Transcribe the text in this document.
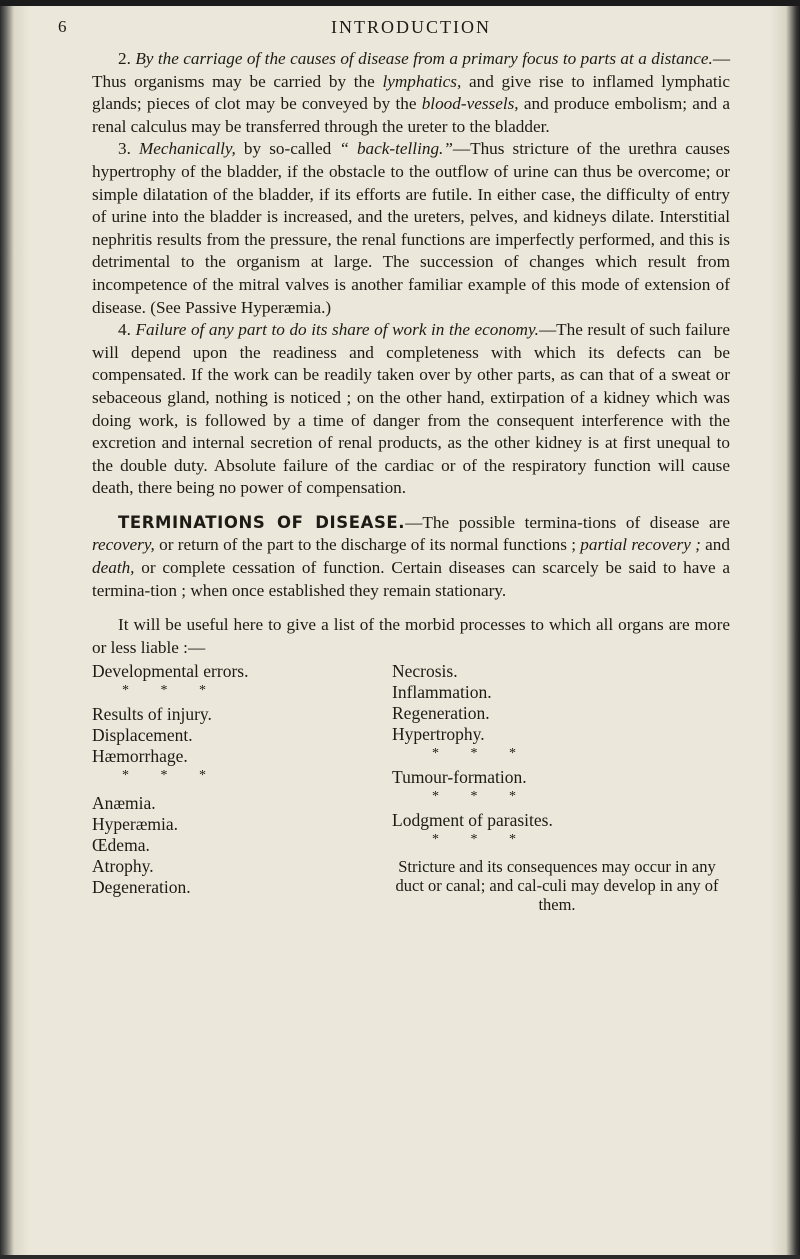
6	INTRODUCTION

2. By the carriage of the causes of disease from a primary focus to parts at a distance.—Thus organisms may be carried by the lymphatics, and give rise to inflamed lymphatic glands; pieces of clot may be conveyed by the blood-vessels, and produce embolism; and a renal calculus may be transferred through the ureter to the bladder.

3. Mechanically, by so-called “ back-telling.”—Thus stricture of the urethra causes hypertrophy of the bladder, if the obstacle to the outflow of urine can thus be overcome; or simple dilatation of the bladder, if its efforts are futile. In either case, the difficulty of entry of urine into the bladder is increased, and the ureters, pelves, and kidneys dilate. Interstitial nephritis results from the pressure, the renal functions are imperfectly performed, and this is detrimental to the organism at large. The succession of changes which result from incompetence of the mitral valves is another familiar example of this mode of extension of disease. (See Passive Hyperæmia.)

4. Failure of any part to do its share of work in the economy.—The result of such failure will depend upon the readiness and completeness with which its defects can be compensated. If the work can be readily taken over by other parts, as can that of a sweat or sebaceous gland, nothing is noticed ; on the other hand, extirpation of a kidney which was doing work, is followed by a time of danger from the consequent interference with the excretion and internal secretion of renal products, as the other kidney is at first unequal to the double duty. Absolute failure of the cardiac or of the respiratory function will cause death, there being no power of compensation.

TERMINATIONS OF DISEASE.—The possible termina-tions of disease are recovery, or return of the part to the discharge of its normal functions ; partial recovery ; and death, or complete cessation of function. Certain diseases can scarcely be said to have a termina-tion ; when once established they remain stationary.

It will be useful here to give a list of the morbid processes to which all organs are more or less liable :—

Developmental errors.
* * *
Results of injury.
Displacement.
Hæmorrhage.
* * *
Anæmia.
Hyperæmia.
Œdema.
Atrophy.
Degeneration.
Necrosis.
Inflammation.
Regeneration.
Hypertrophy.
* * *
Tumour-formation.
* * *
Lodgment of parasites.
* * *
Stricture and its consequences may occur in any duct or canal; and cal-culi may develop in any of them.
